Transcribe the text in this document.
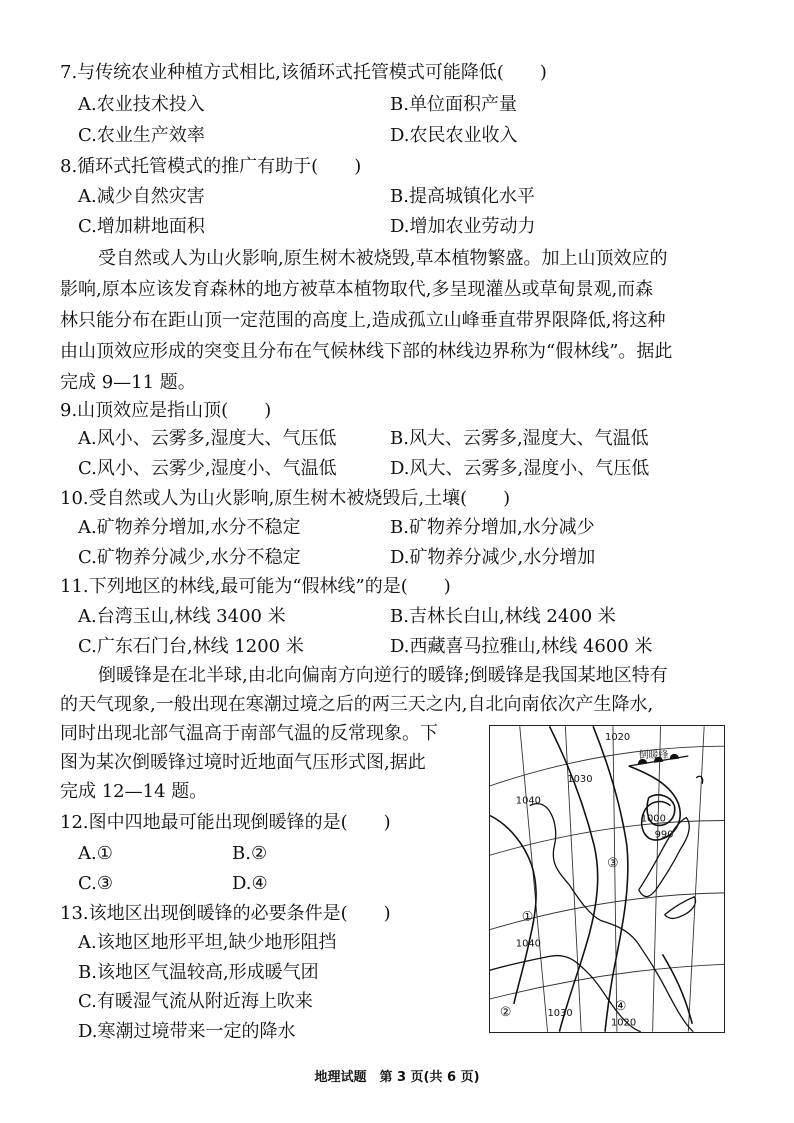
7.与传统农业种植方式相比,该循环式托管模式可能降低(　　)
A.农业技术投入	B.单位面积产量
C.农业生产效率	D.农民农业收入
8.循环式托管模式的推广有助于(　　)
A.减少自然灾害	B.提高城镇化水平
C.增加耕地面积	D.增加农业劳动力
受自然或人为山火影响,原生树木被烧毁,草本植物繁盛。加上山顶效应的
影响,原本应该发育森林的地方被草本植物取代,多呈现灌丛或草甸景观,而森
林只能分布在距山顶一定范围的高度上,造成孤立山峰垂直带界限降低,将这种
由山顶效应形成的突变且分布在气候林线下部的林线边界称为“假林线”。据此
完成 9—11 题。
9.山顶效应是指山顶(　　)
A.风小、云雾多,湿度大、气压低	B.风大、云雾多,湿度大、气温低
C.风小、云雾少,湿度小、气温低	D.风大、云雾多,湿度小、气压低
10.受自然或人为山火影响,原生树木被烧毁后,土壤(　　)
A.矿物养分增加,水分不稳定	B.矿物养分增加,水分减少
C.矿物养分减少,水分不稳定	D.矿物养分减少,水分增加
11.下列地区的林线,最可能为“假林线”的是(　　)
A.台湾玉山,林线 3400 米	B.吉林长白山,林线 2400 米
C.广东石门台,林线 1200 米	D.西藏喜马拉雅山,林线 4600 米
倒暖锋是在北半球,由北向偏南方向逆行的暖锋;倒暖锋是我国某地区特有
的天气现象,一般出现在寒潮过境之后的两三天之内,自北向南依次产生降水,
同时出现北部气温高于南部气温的反常现象。下
图为某次倒暖锋过境时近地面气压形式图,据此
完成 12—14 题。
12.图中四地最可能出现倒暖锋的是(　　)
A.①	B.②
C.③	D.④
13.该地区出现倒暖锋的必要条件是(　　)
A.该地区地形平坦,缺少地形阻挡
B.该地区气温较高,形成暖气团
C.有暖湿气流从附近海上吹来
D.寒潮过境带来一定的降水
1030
1020
1040
1000
990
1040
1030
1020
倒暖锋
①
②
③
④
地理试题　第 3 页(共 6 页)
